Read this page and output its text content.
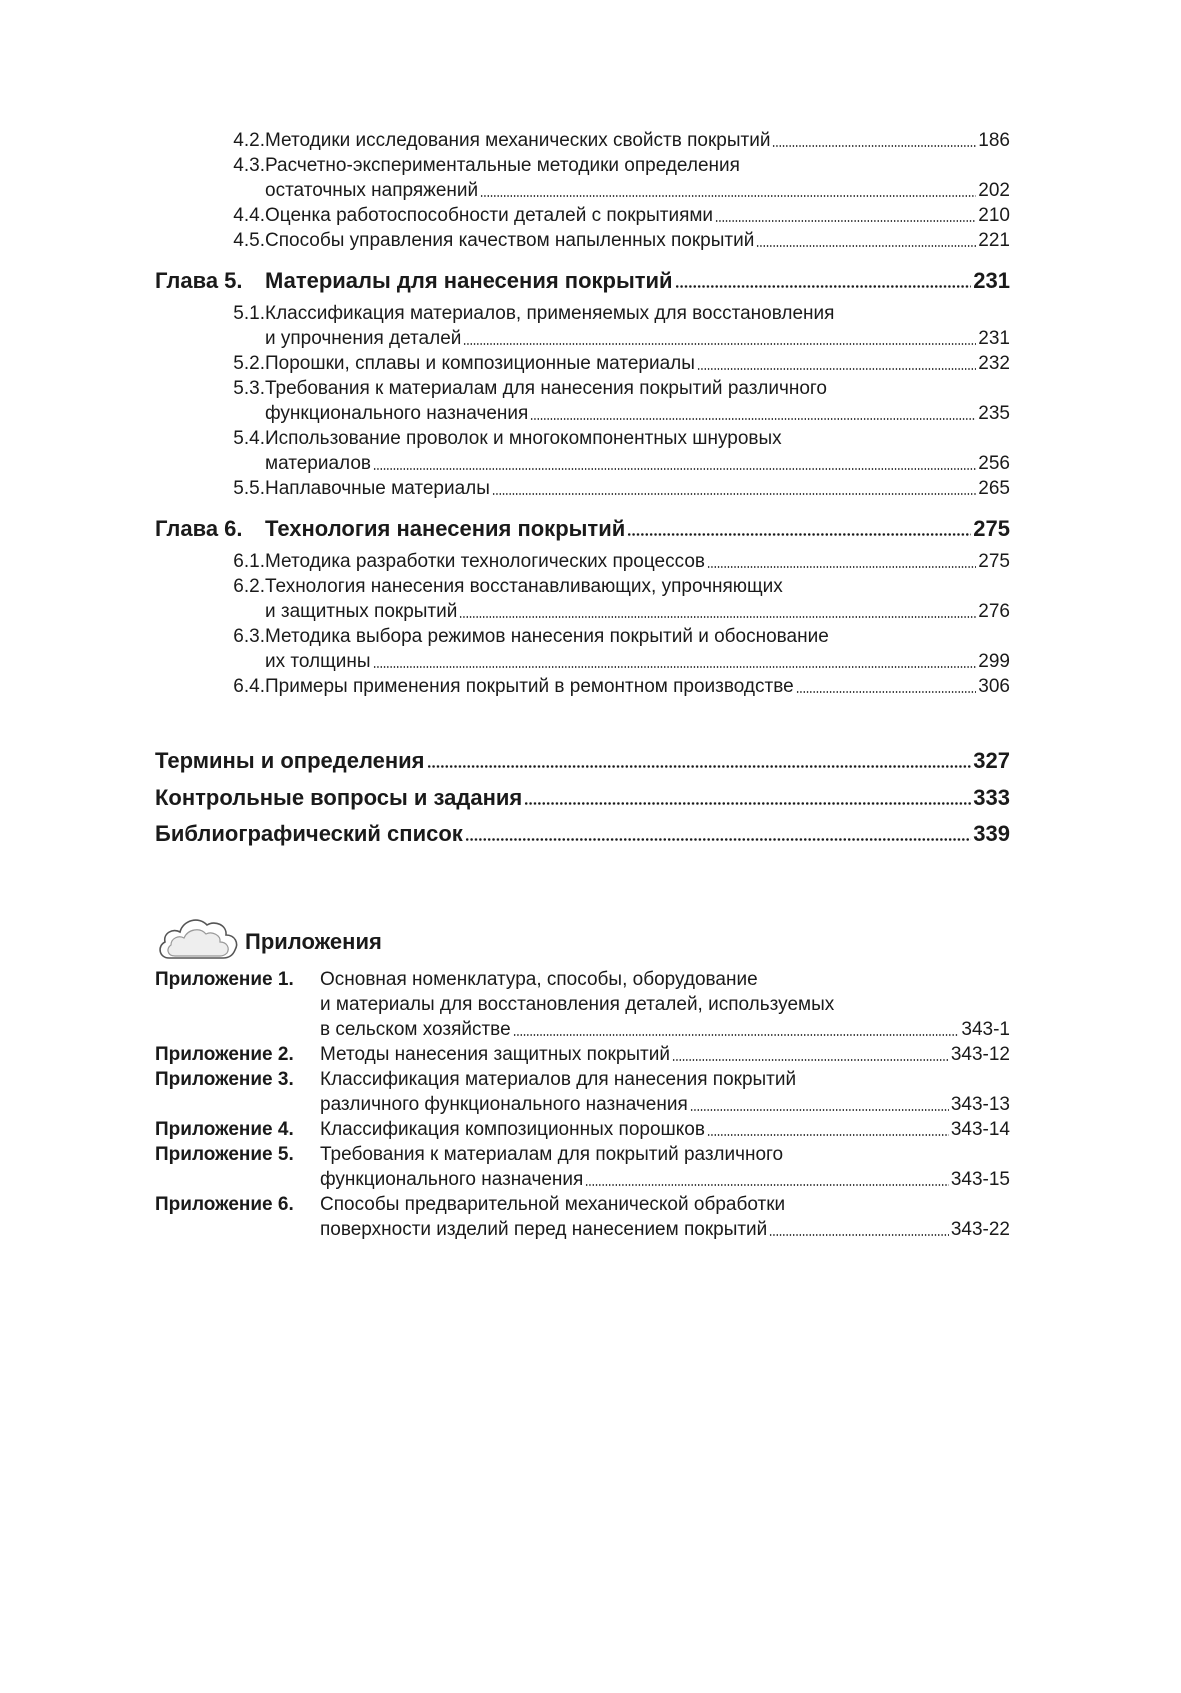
4.2. Методики исследования механических свойств покрытий	186
4.3. Расчетно-экспериментальные методики определения
остаточных напряжений	202
4.4. Оценка работоспособности деталей с покрытиями	210
4.5. Способы управления качеством напыленных покрытий	221
Глава 5. Материалы для нанесения покрытий	231
5.1. Классификация материалов, применяемых для восстановления
и упрочнения деталей	231
5.2. Порошки, сплавы и композиционные материалы	232
5.3. Требования к материалам для нанесения покрытий различного
функционального назначения	235
5.4. Использование проволок и многокомпонентных шнуровых
материалов	256
5.5. Наплавочные материалы	265
Глава 6. Технология нанесения покрытий	275
6.1. Методика разработки технологических процессов	275
6.2. Технология нанесения восстанавливающих, упрочняющих
и защитных покрытий	276
6.3. Методика выбора режимов нанесения покрытий и обоснование
их толщины	299
6.4. Примеры применения покрытий в ремонтном производстве	306
Термины и определения	327
Контрольные вопросы и задания	333
Библиографический список	339
Приложение 1. Основная номенклатура, способы, оборудование
и материалы для восстановления деталей, используемых
в сельском хозяйстве	343-1
Приложение 2. Методы нанесения защитных покрытий	343-12
Приложение 3. Классификация материалов для нанесения покрытий
различного функционального назначения	343-13
Приложение 4. Классификация композиционных порошков	343-14
Приложение 5. Требования к материалам для покрытий различного
функционального назначения	343-15
Приложение 6. Способы предварительной механической обработки
поверхности изделий перед нанесением покрытий	343-22
Приложения
